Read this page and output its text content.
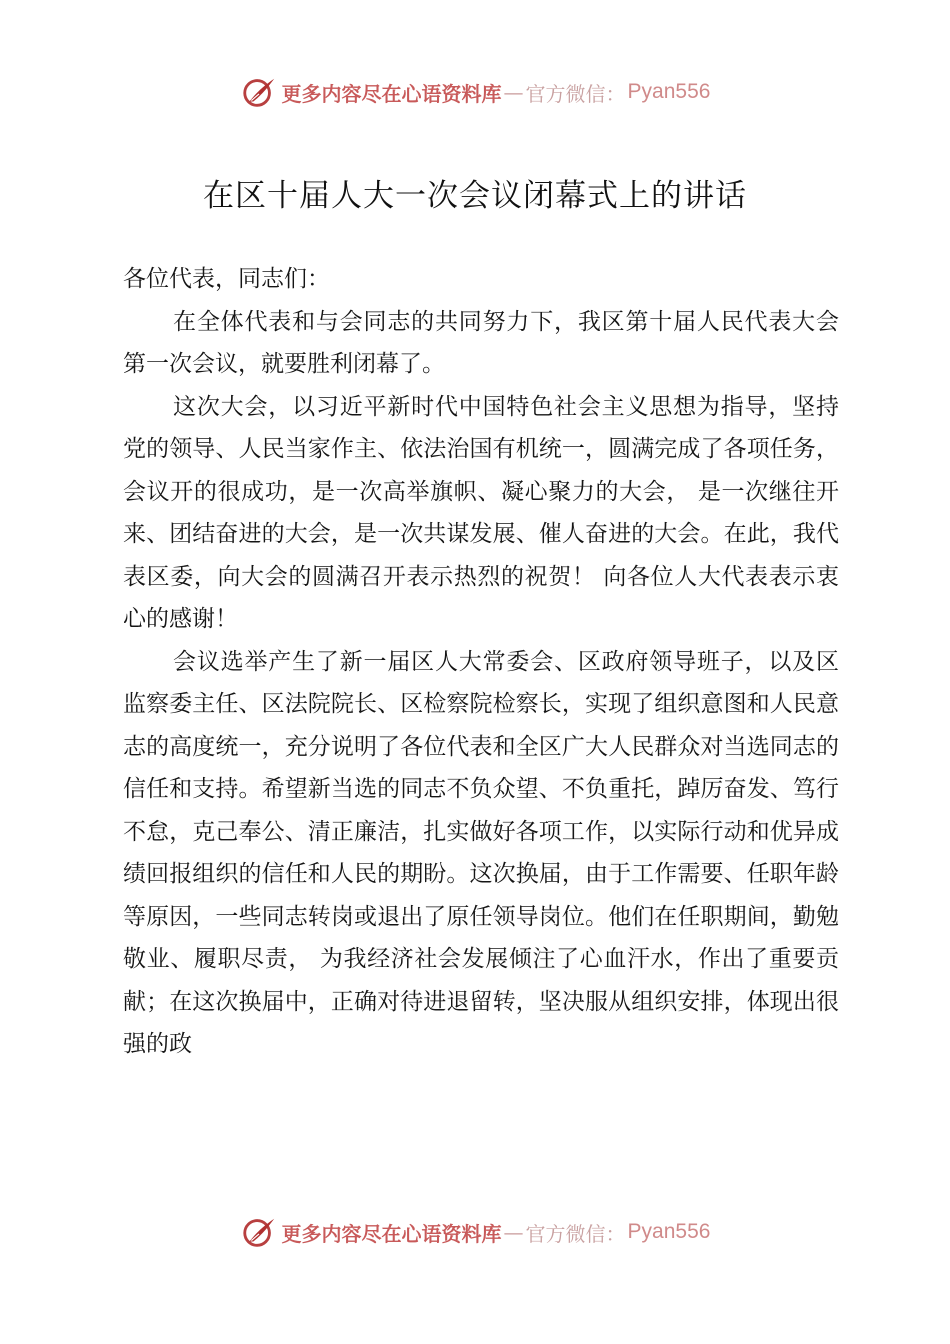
更多内容尽在心语资料库 — 官方微信： Pyan556
在区十届人大一次会议闭幕式上的讲话

各位代表，同志们：

在全体代表和与会同志的共同努力下，我区第十届人民代表大会第一次会议，就要胜利闭幕了。

这次大会，以习近平新时代中国特色社会主义思想为指导，坚持党的领导、人民当家作主、依法治国有机统一，圆满完成了各项任务，会议开的很成功，是一次高举旗帜、凝心聚力的大会， 是一次继往开来、团结奋进的大会，是一次共谋发展、催人奋进的大会。在此，我代表区委，向大会的圆满召开表示热烈的祝贺！ 向各位人大代表表示衷心的感谢！

会议选举产生了新一届区人大常委会、区政府领导班子，以及区监察委主任、区法院院长、区检察院检察长，实现了组织意图和人民意志的高度统一，充分说明了各位代表和全区广大人民群众对当选同志的信任和支持。希望新当选的同志不负众望、不负重托，踔厉奋发、笃行不怠，克己奉公、清正廉洁，扎实做好各项工作，以实际行动和优异成绩回报组织的信任和人民的期盼。这次换届，由于工作需要、任职年龄等原因，一些同志转岗或退出了原任领导岗位。他们在任职期间，勤勉敬业、履职尽责， 为我经济社会发展倾注了心血汗水，作出了重要贡献；在这次换届中，正确对待进退留转，坚决服从组织安排，体现出很强的政

更多内容尽在心语资料库 — 官方微信： Pyan556
